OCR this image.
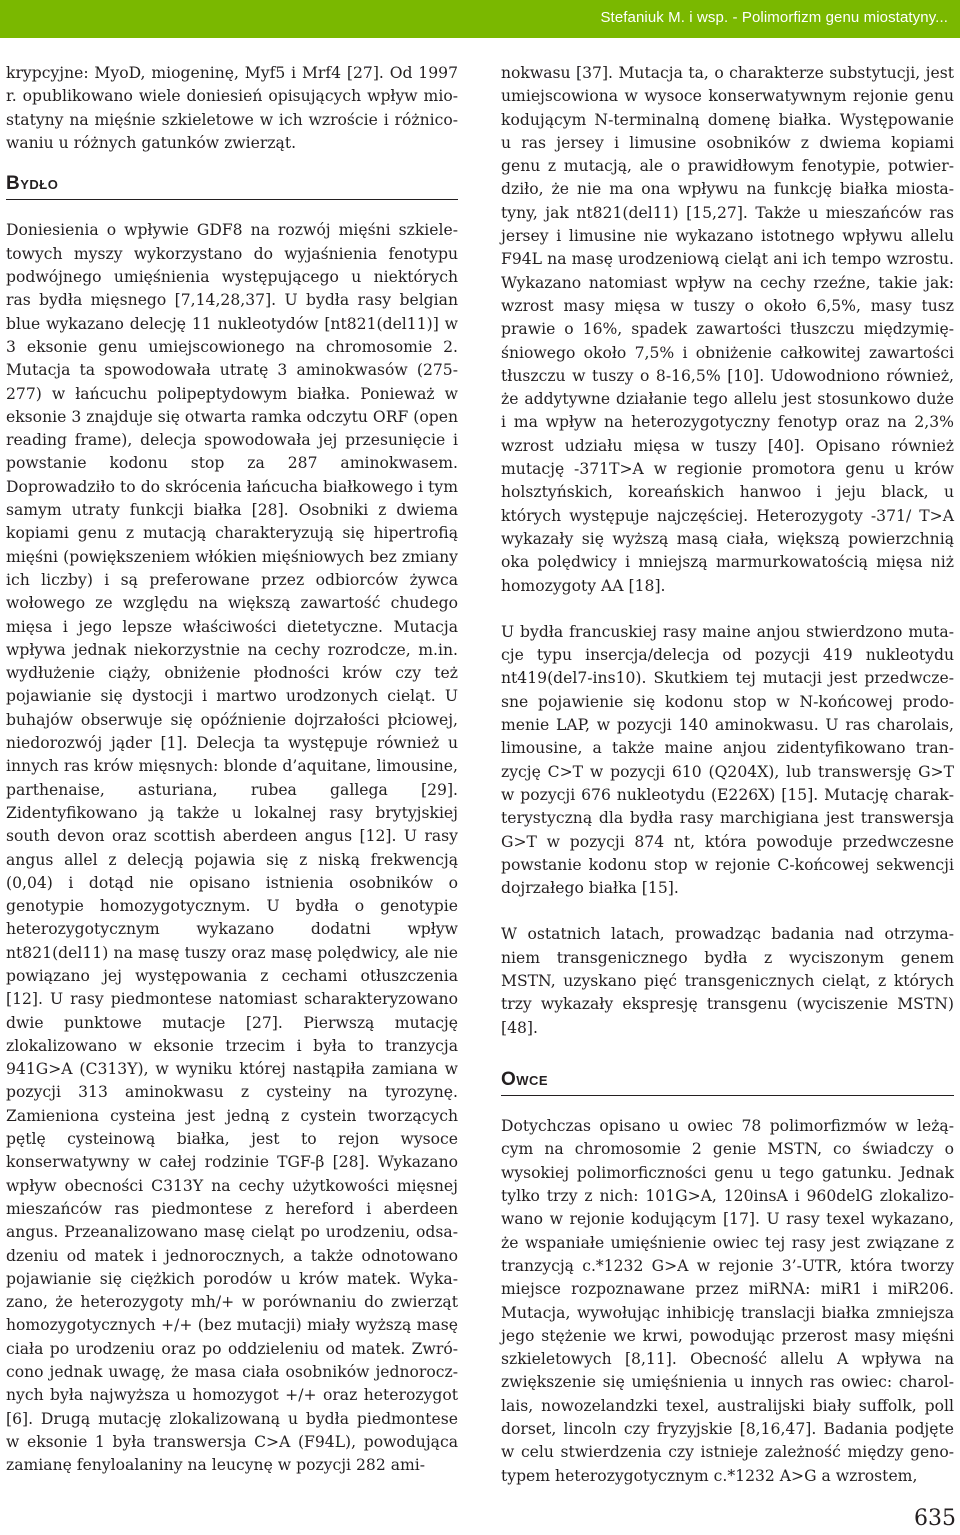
Stefaniuk M. i wsp. - Polimorfizm genu miostatyny...

krypcyjne: MyoD, miogeninę, Myf5 i Mrf4 [27]. Od 1997 r. opublikowano wiele doniesień opisujących wpływ miostatyny na mięśnie szkieletowe w ich wzroście i różnicowaniu u różnych gatunków zwierząt.

Bydło

Doniesienia o wpływie GDF8 na rozwój mięśni szkieletowych myszy wykorzystano do wyjaśnienia fenotypu podwójnego umięśnienia występującego u niektórych ras bydła mięsnego [7,14,28,37]. U bydła rasy belgian blue wykazano delecję 11 nukleotydów [nt821(del11)] w 3 eksonie genu umiejscowionego na chromosomie 2. Mutacja ta spowodowała utratę 3 aminokwasów (275-277) w łańcuchu polipeptydowym białka. Ponieważ w eksonie 3 znajduje się otwarta ramka odczytu ORF (open reading frame), delecja spowodowała jej przesunięcie i powstanie kodonu stop za 287 aminokwasem. Doprowadziło to do skrócenia łańcucha białkowego i tym samym utraty funkcji białka [28]. Osobniki z dwiema kopiami genu z mutacją charakteryzują się hipertrofią mięśni (powiększeniem włókien mięśniowych bez zmiany ich liczby) i są preferowane przez odbiorców żywca wołowego ze względu na większą zawartość chudego mięsa i jego lepsze właściwości dietetyczne. Mutacja wpływa jednak niekorzystnie na cechy rozrodcze, m.in. wydłużenie ciąży, obniżenie płodności krów czy też pojawianie się dystocji i martwo urodzonych cieląt. U buhajów obserwuje się opóźnienie dojrzałości płciowej, niedorozwój jąder [1]. Delecja ta występuje również u innych ras krów mięsnych: blonde d’aquitane, limousine, parthenaise, asturiana, rubea gallega [29]. Zidentyfikowano ją także u lokalnej rasy brytyjskiej south devon oraz scottish aberdeen angus [12]. U rasy angus allel z delecją pojawia się z niską frekwencją (0,04) i dotąd nie opisano istnienia osobników o genotypie homozygotycznym. U bydła o genotypie heterozygotycznym wykazano dodatni wpływ nt821(del11) na masę tuszy oraz masę polędwicy, ale nie powiązano jej występowania z cechami otłuszczenia [12]. U rasy piedmontese natomiast scharakteryzowano dwie punktowe mutacje [27]. Pierwszą mutację zlokalizowano w eksonie trzecim i była to tranzycja 941G>A (C313Y), w wyniku której nastąpiła zamiana w pozycji 313 aminokwasu z cysteiny na tyrozynę. Zamieniona cysteina jest jedną z cystein tworzących pętlę cysteinową białka, jest to rejon wysoce konserwatywny w całej rodzinie TGF-β [28]. Wykazano wpływ obecności C313Y na cechy użytkowości mięsnej mieszańców ras piedmontese z hereford i aberdeen angus. Przeanalizowano masę cieląt po urodzeniu, odsadzeniu od matek i jednorocznych, a także odnotowano pojawianie się ciężkich porodów u krów matek. Wykazano, że heterozygoty mh/+ w porównaniu do zwierząt homozygotycznych +/+ (bez mutacji) miały wyższą masę ciała po urodzeniu oraz po oddzieleniu od matek. Zwrócono jednak uwagę, że masa ciała osobników jednorocznych była najwyższa u homozygot +/+ oraz heterozygot [6]. Drugą mutację zlokalizowaną u bydła piedmontese w eksonie 1 była transwersja C>A (F94L), powodująca zamianę fenyloalaniny na leucynę w pozycji 282 ami-

nokwasu [37]. Mutacja ta, o charakterze substytucji, jest umiejscowiona w wysoce konserwatywnym rejonie genu kodującym N-terminalną domenę białka. Występowanie u ras jersey i limusine osobników z dwiema kopiami genu z mutacją, ale o prawidłowym fenotypie, potwierdziło, że nie ma ona wpływu na funkcję białka miostatyny, jak nt821(del11) [15,27]. Także u mieszańców ras jersey i limusine nie wykazano istotnego wpływu allelu F94L na masę urodzeniową cieląt ani ich tempo wzrostu. Wykazano natomiast wpływ na cechy rzeźne, takie jak: wzrost masy mięsa w tuszy o około 6,5%, masy tusz prawie o 16%, spadek zawartości tłuszczu międzymięśniowego około 7,5% i obniżenie całkowitej zawartości tłuszczu w tuszy o 8-16,5% [10]. Udowodniono również, że addytywne działanie tego allelu jest stosunkowo duże i ma wpływ na heterozygotyczny fenotyp oraz na 2,3% wzrost udziału mięsa w tuszy [40]. Opisano również mutację -371T>A w regionie promotora genu u krów holsztyńskich, koreańskich hanwoo i jeju black, u których występuje najczęściej. Heterozygoty -371/ T>A wykazały się wyższą masą ciała, większą powierzchnią oka polędwicy i mniejszą marmurkowatością mięsa niż homozygoty AA [18].

U bydła francuskiej rasy maine anjou stwierdzono mutacje typu insercja/delecja od pozycji 419 nukleotydu nt419(del7-ins10). Skutkiem tej mutacji jest przedwczesne pojawienie się kodonu stop w N-końcowej prodomenie LAP, w pozycji 140 aminokwasu. U ras charolais, limousine, a także maine anjou zidentyfikowano tranzycję C>T w pozycji 610 (Q204X), lub transwersję G>T w pozycji 676 nukleotydu (E226X) [15]. Mutację charakterystyczną dla bydła rasy marchigiana jest transwersja G>T w pozycji 874 nt, która powoduje przedwczesne powstanie kodonu stop w rejonie C-końcowej sekwencji dojrzałego białka [15].

W ostatnich latach, prowadząc badania nad otrzymaniem transgenicznego bydła z wyciszonym genem MSTN, uzyskano pięć transgenicznych cieląt, z których trzy wykazały ekspresję transgenu (wyciszenie MSTN) [48].

Owce

Dotychczas opisano u owiec 78 polimorfizmów w leżącym na chromosomie 2 genie MSTN, co świadczy o wysokiej polimorficzności genu u tego gatunku. Jednak tylko trzy z nich: 101G>A, 120insA i 960delG zlokalizowano w rejonie kodującym [17]. U rasy texel wykazano, że wspaniałe umięśnienie owiec tej rasy jest związane z tranzycją c.*1232 G>A w rejonie 3’-UTR, która tworzy miejsce rozpoznawane przez miRNA: miR1 i miR206. Mutacja, wywołując inhibicję translacji białka zmniejsza jego stężenie we krwi, powodując przerost masy mięśni szkieletowych [8,11]. Obecność allelu A wpływa na zwiększenie się umięśnienia u innych ras owiec: charollais, nowozelandzki texel, australijski biały suffolk, poll dorset, lincoln czy fryzyjskie [8,16,47]. Badania podjęte w celu stwierdzenia czy istnieje zależność między genotypem heterozygotycznym c.*1232 A>G a wzrostem,

635
